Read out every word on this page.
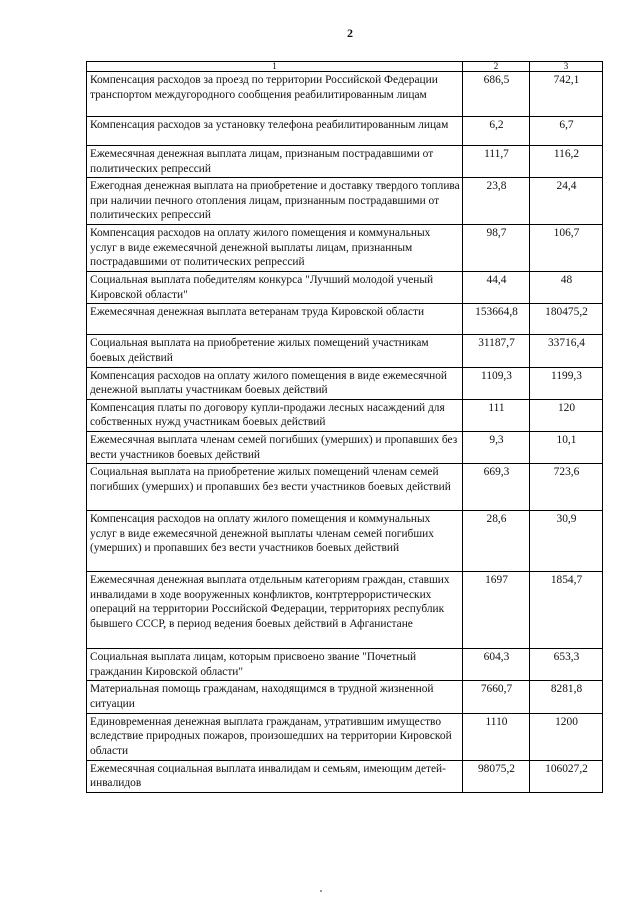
2
1	2	3
Компенсация расходов за проезд по территории Российской Федерации транспортом междугородного сообщения реабилитированным лицам	686,5	742,1
Компенсация расходов за установку телефона реабилитированным лицам	6,2	6,7
Ежемесячная денежная выплата лицам, признаным пострадавшими от политических репрессий	111,7	116,2
Ежегодная денежная выплата на приобретение и доставку твердого топлива при наличии печного отопления лицам, признанным пострадавшими от политических репрессий	23,8	24,4
Компенсация расходов на оплату жилого помещения и коммунальных услуг в виде ежемесячной денежной выплаты лицам, признанным пострадавшими от политических репрессий	98,7	106,7
Социальная выплата победителям конкурса "Лучший молодой ученый Кировской области"	44,4	48
Ежемесячная денежная выплата ветеранам труда Кировской области	153664,8	180475,2
Социальная выплата на приобретение жилых помещений участникам боевых действий	31187,7	33716,4
Компенсация расходов на оплату жилого помещения в виде ежемесячной денежной выплаты участникам боевых действий	1109,3	1199,3
Компенсация платы по договору купли-продажи лесных насаждений для собственных нужд участникам боевых действий	111	120
Ежемесячная выплата членам семей погибших (умерших) и пропавших без вести участников боевых действий	9,3	10,1
Социальная выплата на приобретение жилых помещений членам семей погибших (умерших) и пропавших без вести участников боевых действий	669,3	723,6
Компенсация расходов на оплату жилого помещения и коммунальных услуг в виде ежемесячной денежной выплаты членам семей погибших (умерших) и пропавших без вести участников боевых действий	28,6	30,9
Ежемесячная денежная выплата отдельным категориям граждан, ставших инвалидами в ходе вооруженных конфликтов, контртеррористических операций на территории Российской Федерации, территориях республик бывшего СССР, в период ведения боевых действий в Афганистане	1697	1854,7
Социальная выплата лицам, которым присвоено звание "Почетный гражданин Кировской области"	604,3	653,3
Материальная помощь гражданам, находящимся в трудной жизненной ситуации	7660,7	8281,8
Единовременная денежная выплата гражданам, утратившим имущество вследствие природных пожаров, произошедших на территории Кировской области	1110	1200
Ежемесячная социальная выплата инвалидам и семьям, имеющим детей-инвалидов	98075,2	106027,2
